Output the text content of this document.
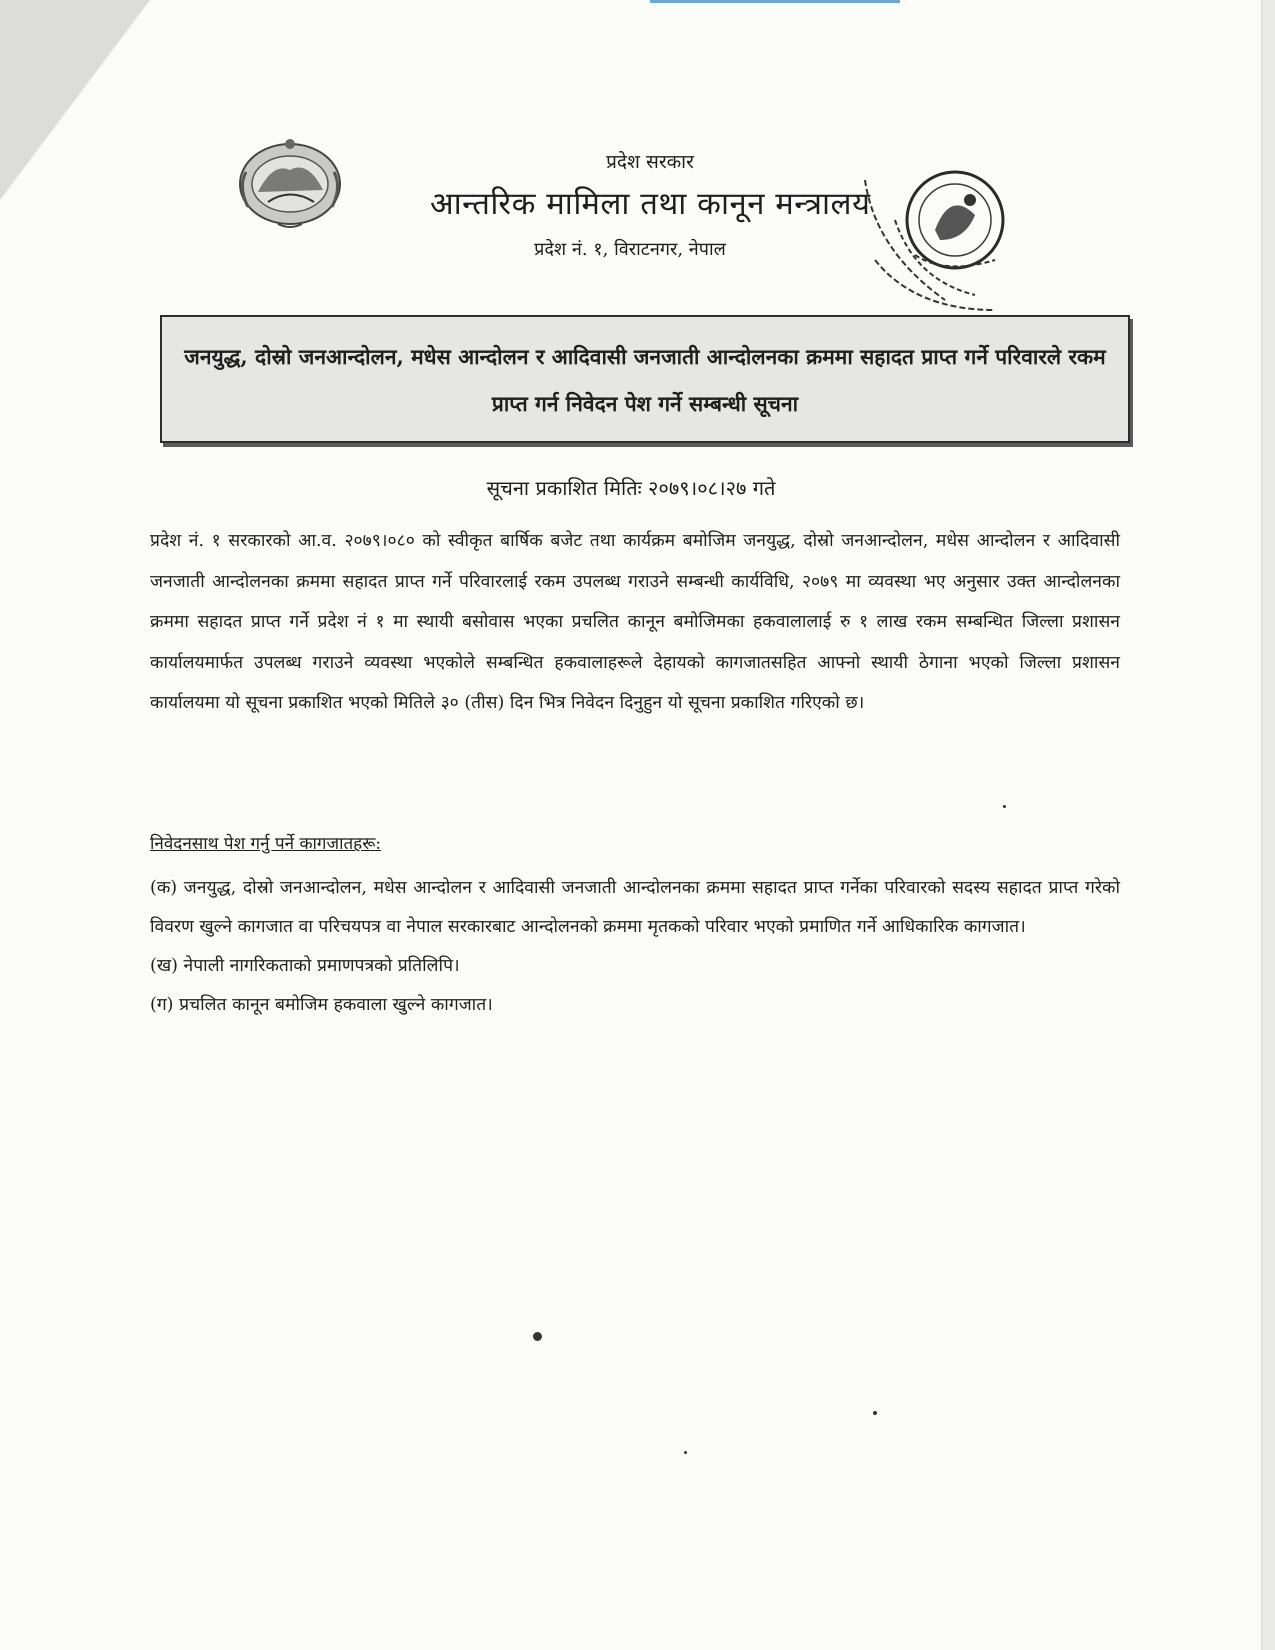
प्रदेश सरकार
आन्तरिक मामिला तथा कानून मन्त्रालय
प्रदेश नं. १, विराटनगर, नेपाल
जनयुद्ध, दोस्रो जनआन्दोलन, मधेस आन्दोलन र आदिवासी जनजाती आन्दोलनका क्रममा सहादत प्राप्त गर्ने परिवारले रकम प्राप्त गर्न निवेदन पेश गर्ने सम्बन्धी सूचना
सूचना प्रकाशित मितिः २०७९।०८।२७ गते
प्रदेश नं. १ सरकारको आ.व. २०७९।०८० को स्वीकृत बार्षिक बजेट तथा कार्यक्रम बमोजिम जनयुद्ध, दोस्रो जनआन्दोलन, मधेस आन्दोलन र आदिवासी जनजाती आन्दोलनका क्रममा सहादत प्राप्त गर्ने परिवारलाई रकम उपलब्ध गराउने सम्बन्धी कार्यविधि, २०७९ मा व्यवस्था भए अनुसार उक्त आन्दोलनका क्रममा सहादत प्राप्त गर्ने प्रदेश नं १ मा स्थायी बसोवास भएका प्रचलित कानून बमोजिमका हकवालालाई रु १ लाख रकम सम्बन्धित जिल्ला प्रशासन कार्यालयमार्फत उपलब्ध गराउने व्यवस्था भएकोले सम्बन्धित हकवालाहरूले देहायको कागजातसहित आफ्नो स्थायी ठेगाना भएको जिल्ला प्रशासन कार्यालयमा यो सूचना प्रकाशित भएको मितिले ३० (तीस) दिन भित्र निवेदन दिनुहुन यो सूचना प्रकाशित गरिएको छ।
निवेदनसाथ पेश गर्नु पर्ने कागजातहरू:

(क) जनयुद्ध, दोस्रो जनआन्दोलन, मधेस आन्दोलन र आदिवासी जनजाती आन्दोलनका क्रममा सहादत प्राप्त गर्नेका परिवारको सदस्य सहादत प्राप्त गरेको विवरण खुल्ने कागजात वा परिचयपत्र वा नेपाल सरकारबाट आन्दोलनको क्रममा मृतकको परिवार भएको प्रमाणित गर्ने आधिकारिक कागजात।

(ख) नेपाली नागरिकताको प्रमाणपत्रको प्रतिलिपि।

(ग) प्रचलित कानून बमोजिम हकवाला खुल्ने कागजात।
